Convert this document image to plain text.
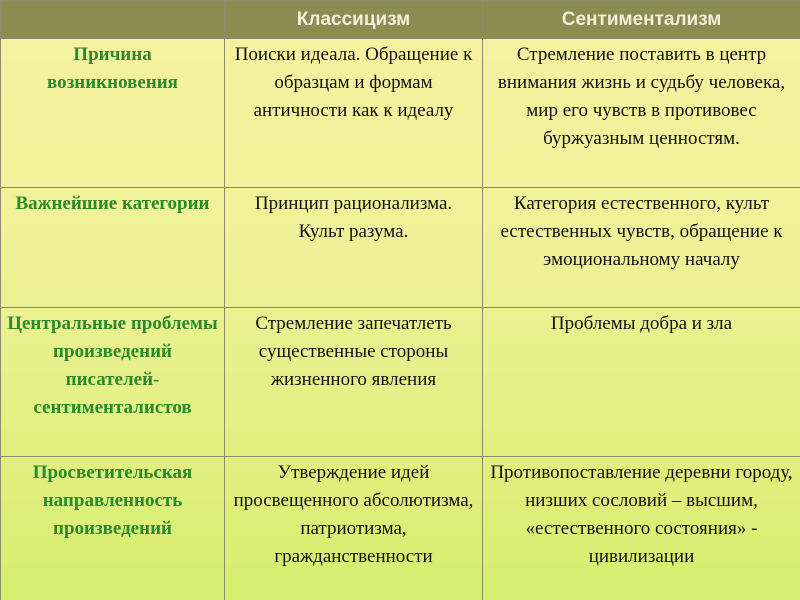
	Классицизм	Сентиментализм
Причина возникновения	Поиски идеала. Обращение к образцам и формам античности как к идеалу	Стремление поставить в центр внимания жизнь и судьбу человека, мир его чувств в противовес буржуазным ценностям.
Важнейшие категории	Принцип рационализма. Культ разума.	Категория естественного, культ естественных чувств, обращение к эмоциональному началу
Центральные проблемы произведений писателей-сентименталистов	Стремление запечатлеть существенные стороны жизненного явления	Проблемы добра и зла
Просветительская направленность произведений	Утверждение идей просвещенного абсолютизма, патриотизма, гражданственности	Противопоставление деревни городу, низших сословий – высшим, «естественного состояния» - цивилизации
